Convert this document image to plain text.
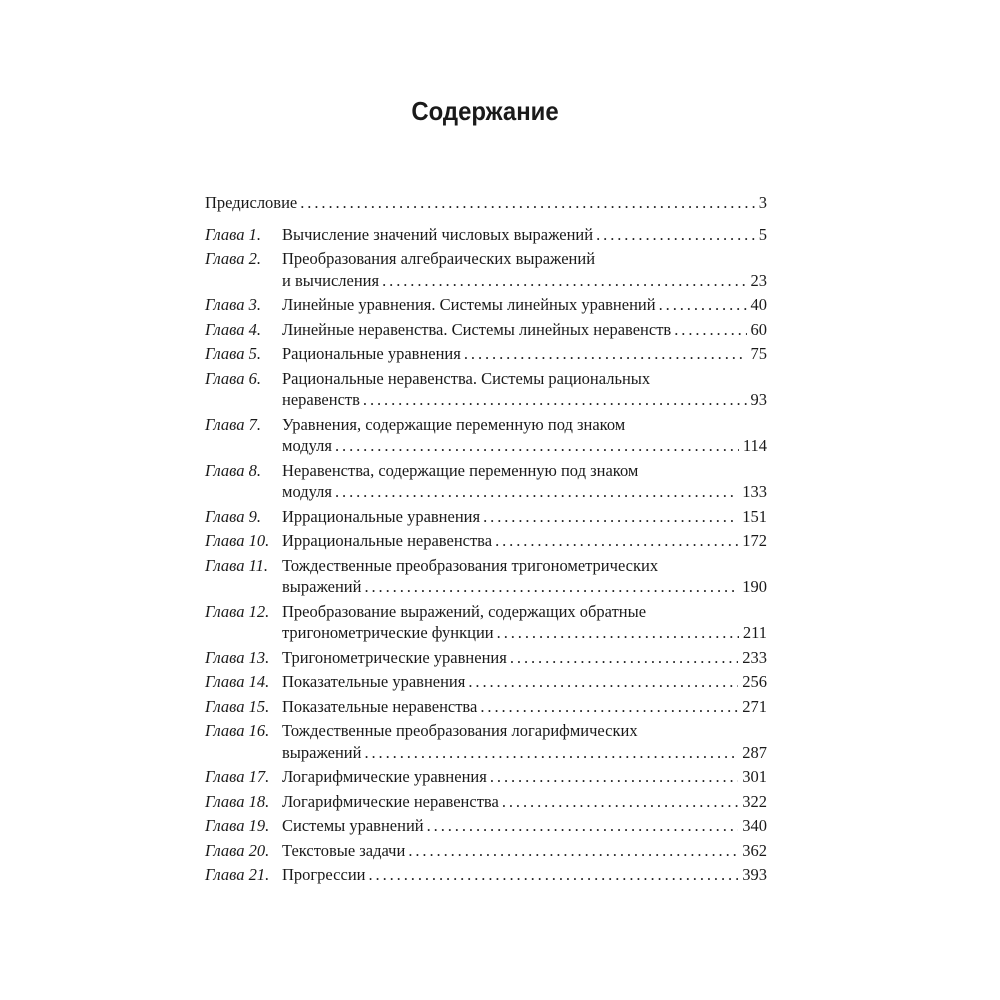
Содержание
Предисловие . . .	3
Глава 1.	Вычисление значений числовых выражений . . .	5
Глава 2.	Преобразования алгебраических выражений
и вычисления . . .	23
Глава 3.	Линейные уравнения. Системы линейных уравнений . . .	40
Глава 4.	Линейные неравенства. Системы линейных неравенств . . .	60
Глава 5.	Рациональные уравнения . . .	75
Глава 6.	Рациональные неравенства. Системы рациональных
неравенств . . .	93
Глава 7.	Уравнения, содержащие переменную под знаком
модуля . . .	114
Глава 8.	Неравенства, содержащие переменную под знаком
модуля . . .	133
Глава 9.	Иррациональные уравнения . . .	151
Глава 10. Иррациональные неравенства . . .	172
Глава 11. Тождественные преобразования тригонометрических
выражений . . .	190
Глава 12. Преобразование выражений, содержащих обратные
тригонометрические функции . . .	211
Глава 13. Тригонометрические уравнения . . .	233
Глава 14. Показательные уравнения . . .	256
Глава 15. Показательные неравенства . . .	271
Глава 16. Тождественные преобразования логарифмических
выражений . . .	287
Глава 17. Логарифмические уравнения . . .	301
Глава 18. Логарифмические неравенства . . .	322
Глава 19. Системы уравнений . . .	340
Глава 20. Текстовые задачи . . .	362
Глава 21. Прогрессии . . .	393
